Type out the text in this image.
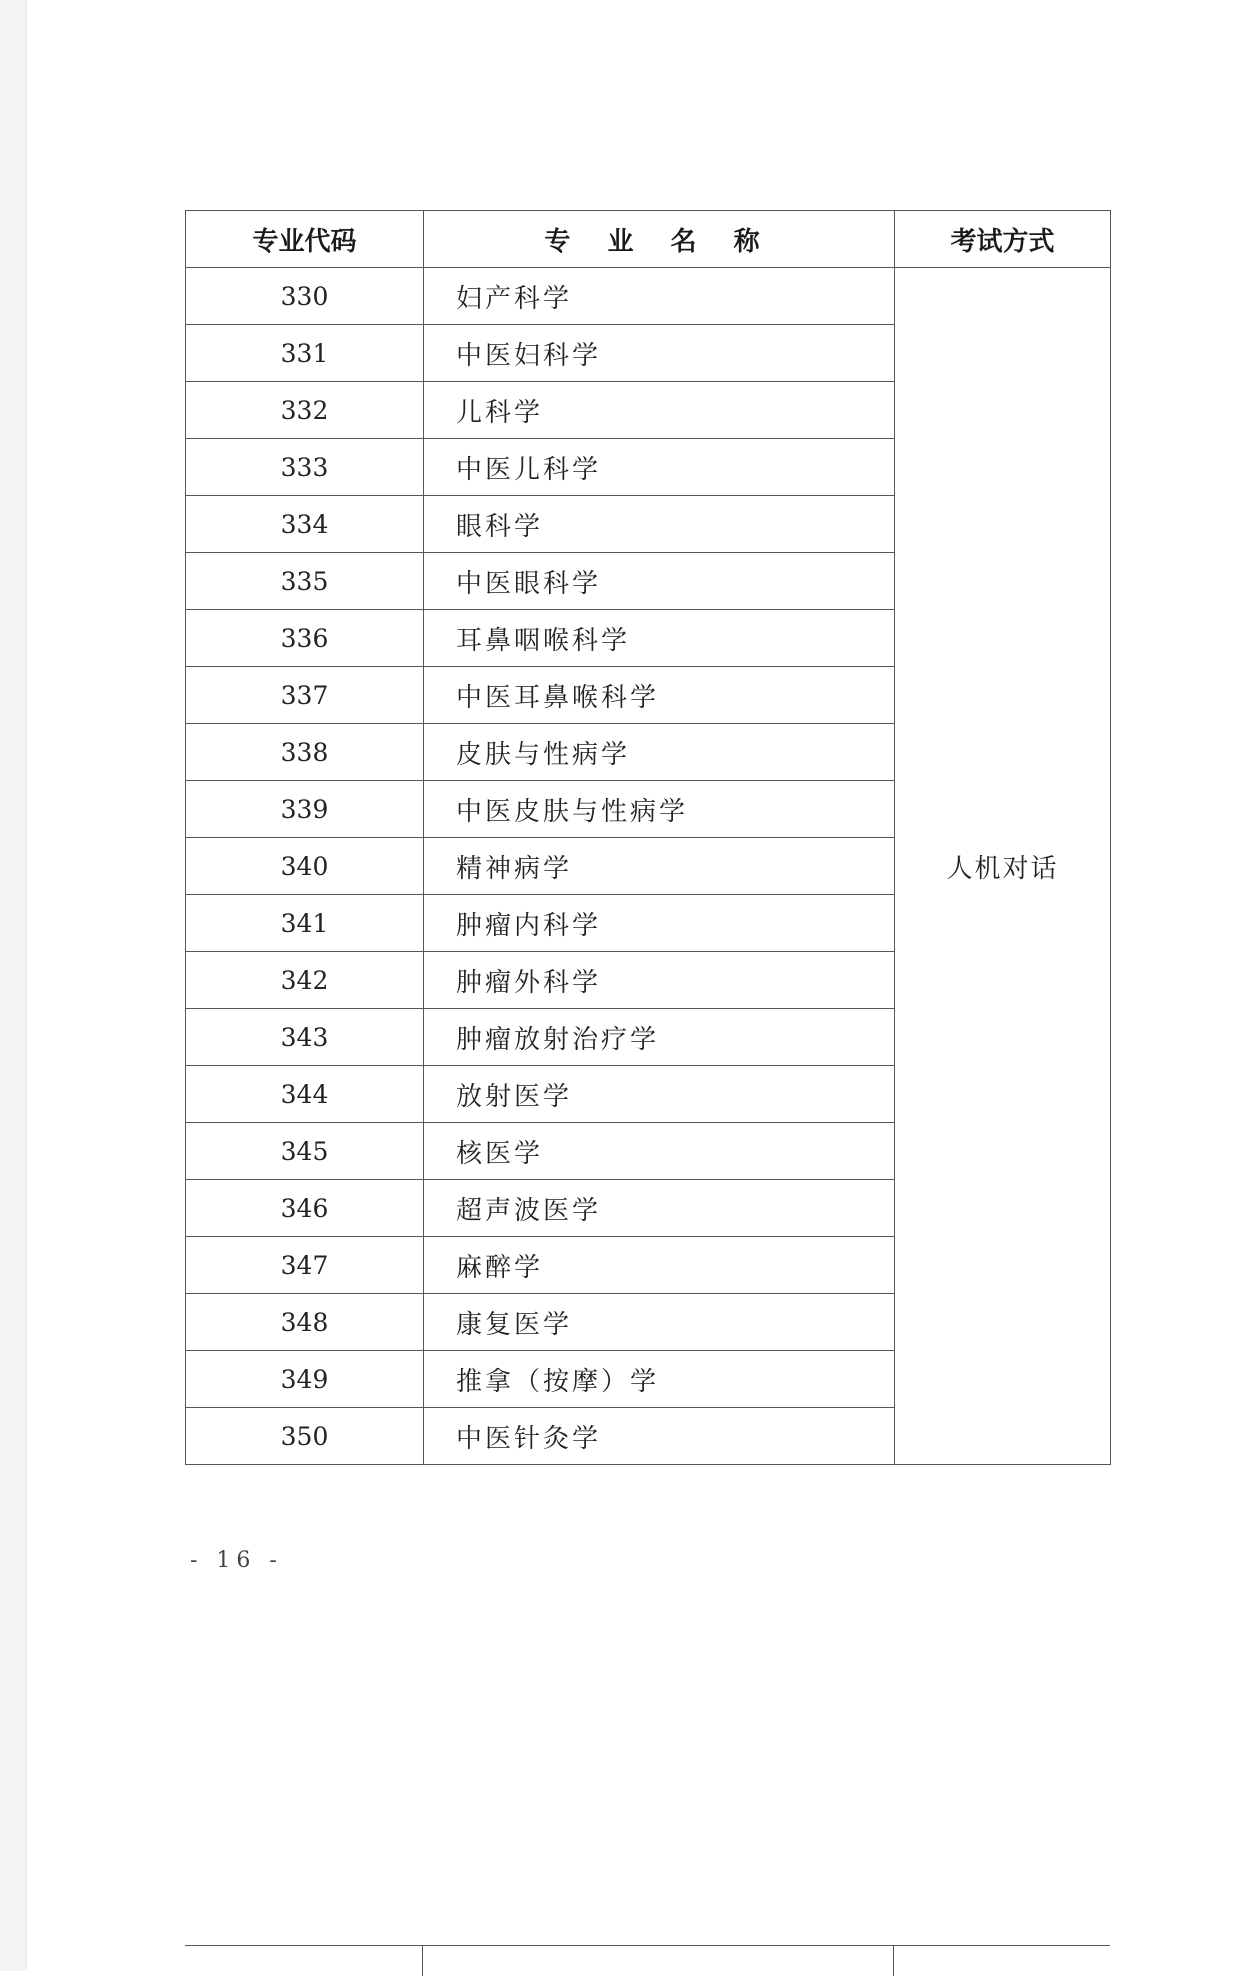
专业代码	专 业 名 称	考试方式
330	妇产科学	人机对话
331	中医妇科学	
332	儿科学	
333	中医儿科学	
334	眼科学	
335	中医眼科学	
336	耳鼻咽喉科学	
337	中医耳鼻喉科学	
338	皮肤与性病学	
339	中医皮肤与性病学	
340	精神病学	
341	肿瘤内科学	
342	肿瘤外科学	
343	肿瘤放射治疗学	
344	放射医学	
345	核医学	
346	超声波医学	
347	麻醉学	
348	康复医学	
349	推拿（按摩）学	
350	中医针灸学	
- 16 -
